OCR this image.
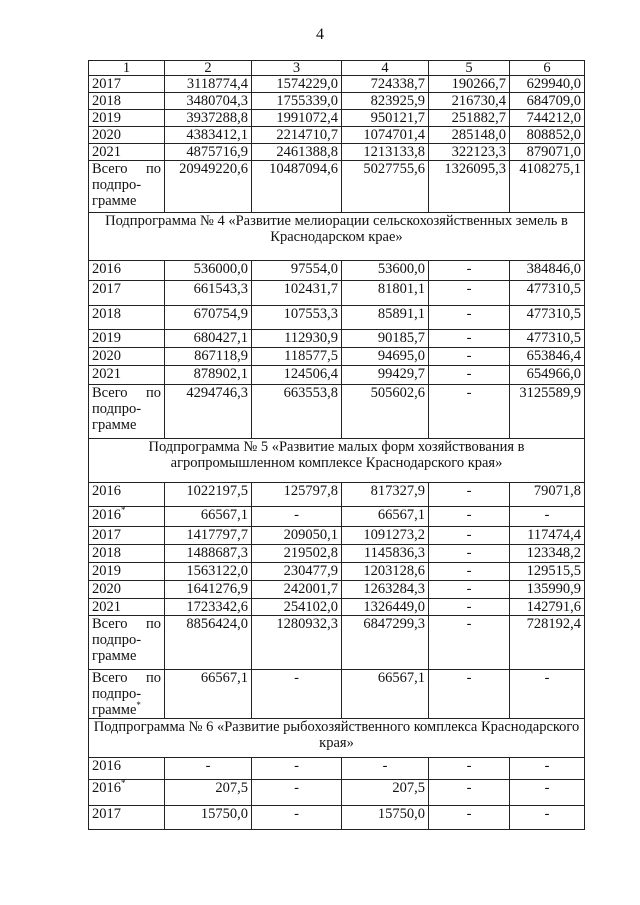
4
1	2	3	4	5	6
2017	3118774,4	1574229,0	724338,7	190266,7	629940,0
2018	3480704,3	1755339,0	823925,9	216730,4	684709,0
2019	3937288,8	1991072,4	950121,7	251882,7	744212,0
2020	4383412,1	2214710,7	1074701,4	285148,0	808852,0
2021	4875716,9	2461388,8	1213133,8	322123,3	879071,0

Всего по
подпро-
грамме	20949220,6	10487094,6	5027755,6	1326095,3	4108275,1
Подпрограмма № 4 «Развитие мелиорации сельскохозяйственных земель в Краснодарском крае»					
2016	536000,0	97554,0	53600,0	-	384846,0
2017	661543,3	102431,7	81801,1	-	477310,5
2018	670754,9	107553,3	85891,1	-	477310,5
2019	680427,1	112930,9	90185,7	-	477310,5
2020	867118,9	118577,5	94695,0	-	653846,4
2021	878902,1	124506,4	99429,7	-	654966,0

Всего по
подпро-
грамме	4294746,3	663553,8	505602,6	-	3125589,9
Подпрограмма № 5 «Развитие малых форм хозяйствования в агропромышленном комплексе Краснодарского края»					
2016	1022197,5	125797,8	817327,9	-	79071,8
2016*	66567,1	-	66567,1	-	-
2017	1417797,7	209050,1	1091273,2	-	117474,4
2018	1488687,3	219502,8	1145836,3	-	123348,2
2019	1563122,0	230477,9	1203128,6	-	129515,5
2020	1641276,9	242001,7	1263284,3	-	135990,9
2021	1723342,6	254102,0	1326449,0	-	142791,6

Всего по
подпро-
грамме	8856424,0	1280932,3	6847299,3	-	728192,4

Всего по
подпро-
грамме*	66567,1	-	66567,1	-	-
Подпрограмма № 6 «Развитие рыбохозяйственного комплекса Краснодарского края»					
2016	-	-	-	-	-
2016*	207,5	-	207,5	-	-
2017	15750,0	-	15750,0	-	-
